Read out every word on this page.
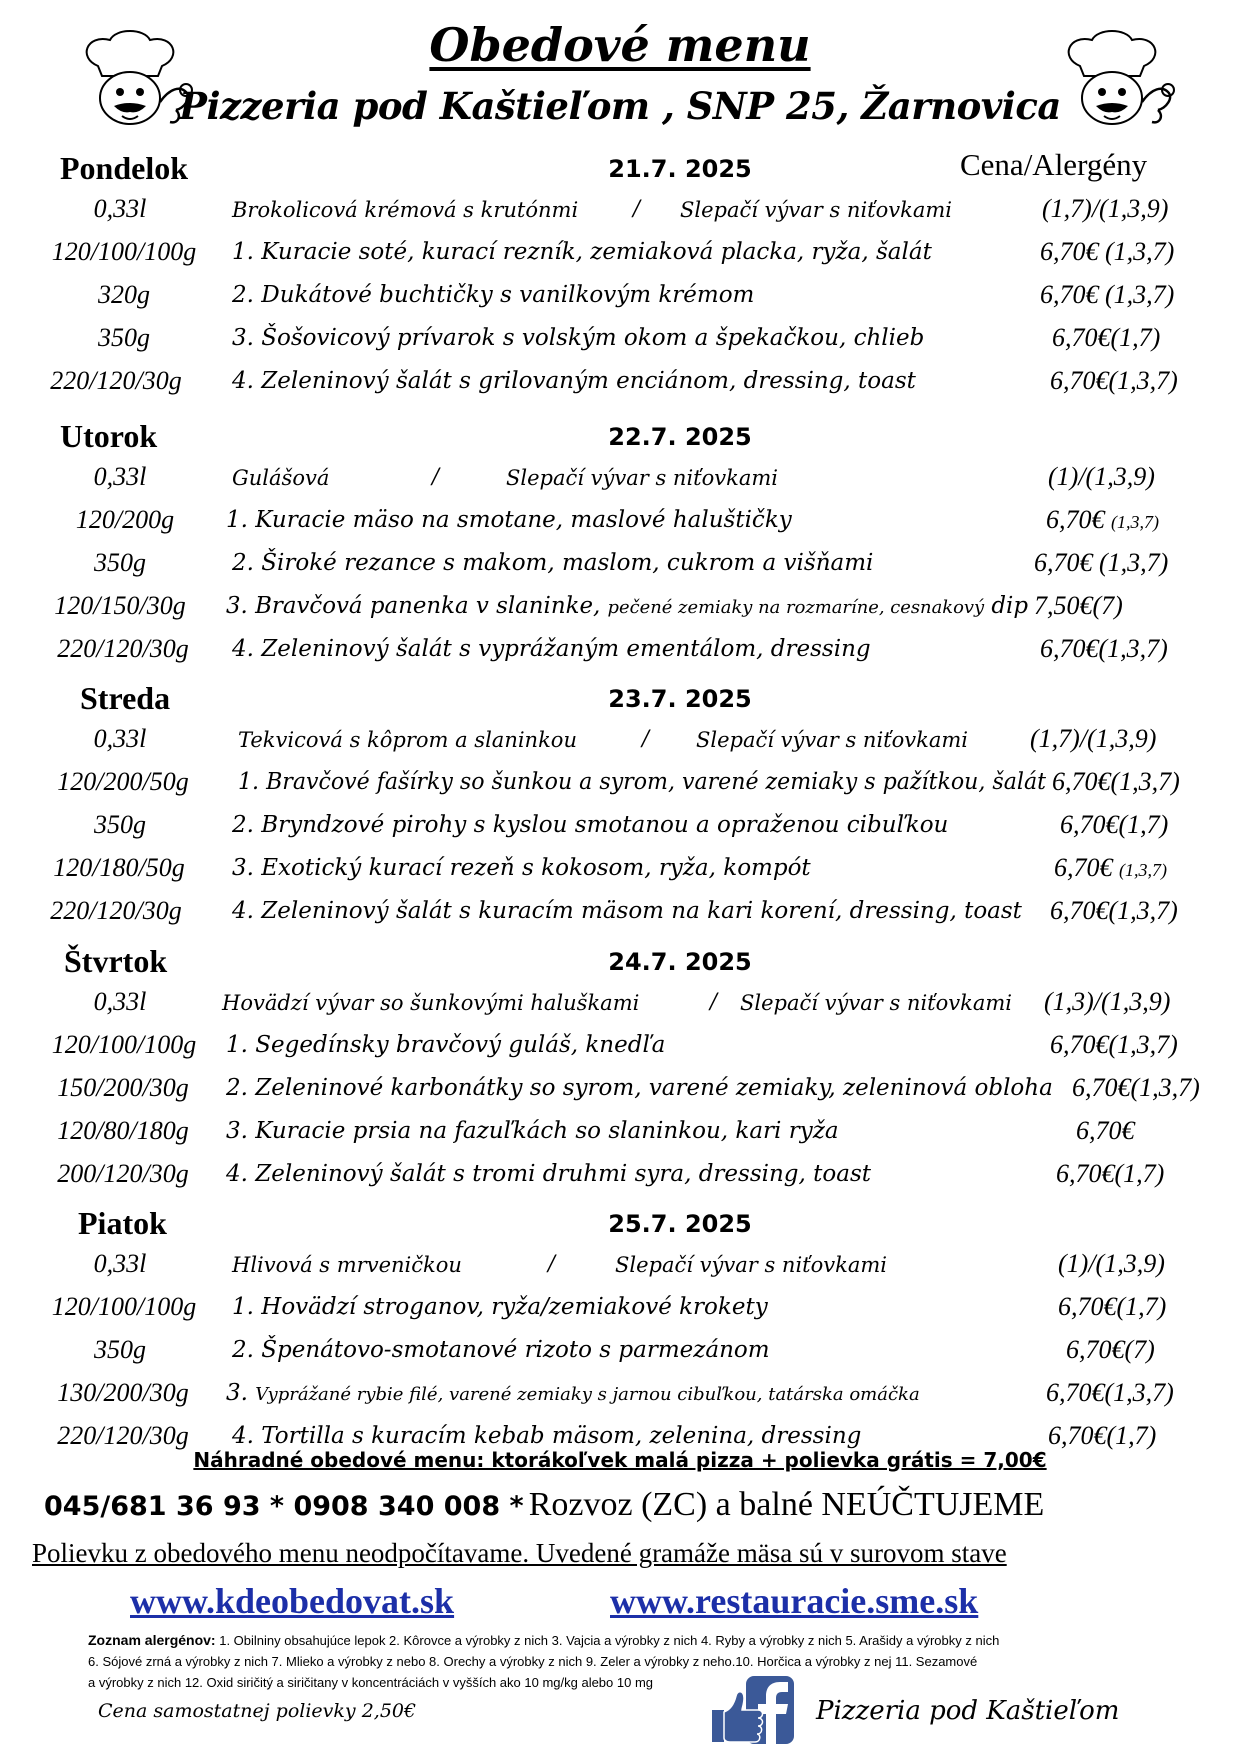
Obedové menu
Pizzeria pod Kaštieľom , SNP 25, Žarnovica
Cena/Alergény
Pondelok	21.7. 2025
0,33l	Brokolicová krémová s krutónmi	/ Slepačí vývar s niťovkami	(1,7)/(1,3,9)
120/100/100g	1. Kuracie soté, kurací rezník, zemiaková placka, ryža, šalát	6,70€ (1,3,7)
320g	2. Dukátové buchtičky s vanilkovým krémom	6,70€ (1,3,7)
350g	3. Šošovicový prívarok s volským okom a špekačkou, chlieb	6,70€(1,7)
220/120/30g	4. Zeleninový šalát s grilovaným enciánom, dressing, toast	6,70€(1,3,7)
Utorok	22.7. 2025
0,33l	Gulášová	/	Slepačí vývar s niťovkami	(1)/(1,3,9)
120/200g	1. Kuracie mäso na smotane, maslové haluštičky	6,70€ (1,3,7)
350g	2. Široké rezance s makom, maslom, cukrom a višňami	6,70€ (1,3,7)
120/150/30g	3. Bravčová panenka v slaninke, pečené zemiaky na rozmaríne, cesnakový dip 7,50€(7)
220/120/30g	4. Zeleninový šalát s vyprážaným ementálom, dressing	6,70€(1,3,7)
Streda	23.7. 2025
0,33l	Tekvicová s kôprom a slaninkou	/ Slepačí vývar s niťovkami (1,7)/(1,3,9)
120/200/50g	1. Bravčové fašírky so šunkou a syrom, varené zemiaky s pažítkou, šalát 6,70€(1,3,7)
350g	2. Bryndzové pirohy s kyslou smotanou a opraženou cibuľkou	6,70€(1,7)
120/180/50g	3. Exotický kurací rezeň s kokosom, ryža, kompót	6,70€ (1,3,7)
220/120/30g	4. Zeleninový šalát s kuracím mäsom na kari korení, dressing, toast 6,70€(1,3,7)
Štvrtok	24.7. 2025
0,33l	Hovädzí vývar so šunkovými haluškami	/ Slepačí vývar s niťovkami (1,3)/(1,3,9)
120/100/100g	1. Segedínsky bravčový guláš, knedľa	6,70€(1,3,7)
150/200/30g	2. Zeleninové karbonátky so syrom, varené zemiaky, zeleninová obloha 6,70€(1,3,7)
120/80/180g	3. Kuracie prsia na fazuľkách so slaninkou, kari ryža	6,70€
200/120/30g	4. Zeleninový šalát s tromi druhmi syra, dressing, toast	6,70€(1,7)
Piatok	25.7. 2025
0,33l	Hlivová s mrveničkou	/	Slepačí vývar s niťovkami	(1)/(1,3,9)
120/100/100g	1. Hovädzí stroganov, ryža/zemiakové krokety	6,70€(1,7)
350g	2. Špenátovo-smotanové rizoto s parmezánom	6,70€(7)
130/200/30g	3. Vyprážané rybie filé, varené zemiaky s jarnou cibuľkou, tatárska omáčka	6,70€(1,3,7)
220/120/30g	4. Tortilla s kuracím kebab mäsom, zelenina, dressing	6,70€(1,7)
Náhradné obedové menu: ktorákoľvek malá pizza + polievka grátis = 7,00€
045/681 36 93 * 0908 340 008 * Rozvoz (ZC) a balné NEÚČTUJEME
Polievku z obedového menu neodpočítavame. Uvedené gramáže mäsa sú v surovom stave
www.kdeobedovat.sk	www.restauracie.sme.sk
Zoznam alergénov: 1. Obilniny obsahujúce lepok 2. Kôrovce a výrobky z nich 3. Vajcia a výrobky z nich 4. Ryby a výrobky z nich 5. Arašidy a výrobky z nich
6. Sójové zrná a výrobky z nich 7. Mlieko a výrobky z nebo 8. Orechy a výrobky z nich 9. Zeler a výrobky z neho.10. Horčica a výrobky z nej 11. Sezamové
a výrobky z nich 12. Oxid siričitý a siričitany v koncentráciách v vyšších ako 10 mg/kg alebo 10 mg
Cena samostatnej polievky 2,50€	Pizzeria pod Kaštieľom
